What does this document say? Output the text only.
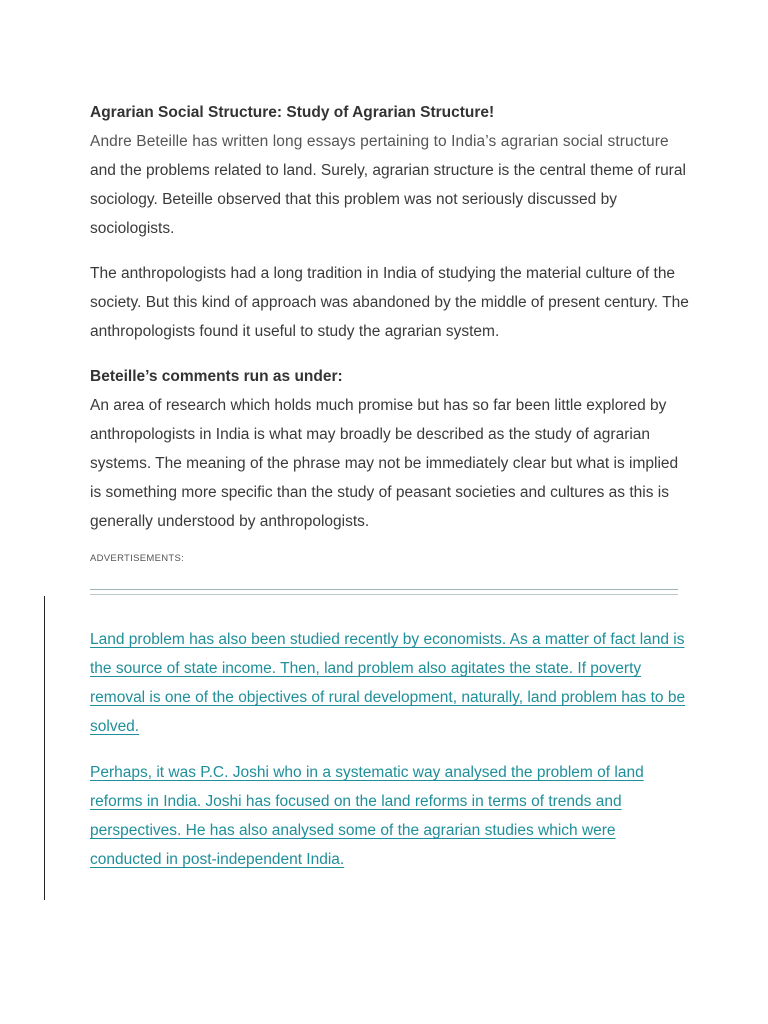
Agrarian Social Structure: Study of Agrarian Structure!

Andre Beteille has written long essays pertaining to India’s agrarian social structure and the problems related to land. Surely, agrarian structure is the central theme of rural sociology. Beteille observed that this problem was not seriously discussed by sociologists.

The anthropologists had a long tradition in India of studying the material culture of the society. But this kind of approach was abandoned by the middle of present century. The anthropologists found it useful to study the agrarian system.

Beteille’s comments run as under:

An area of research which holds much promise but has so far been little explored by anthropologists in India is what may broadly be described as the study of agrarian systems. The meaning of the phrase may not be immediately clear but what is implied is something more specific than the study of peasant societies and cultures as this is generally understood by anthropologists.

ADVERTISEMENTS:

Land problem has also been studied recently by economists. As a matter of fact land is the source of state income. Then, land problem also agitates the state. If poverty removal is one of the objectives of rural development, naturally, land problem has to be solved.

Perhaps, it was P.C. Joshi who in a systematic way analysed the problem of land reforms in India. Joshi has focused on the land reforms in terms of trends and perspectives. He has also analysed some of the agrarian studies which were conducted in post-independent India.
